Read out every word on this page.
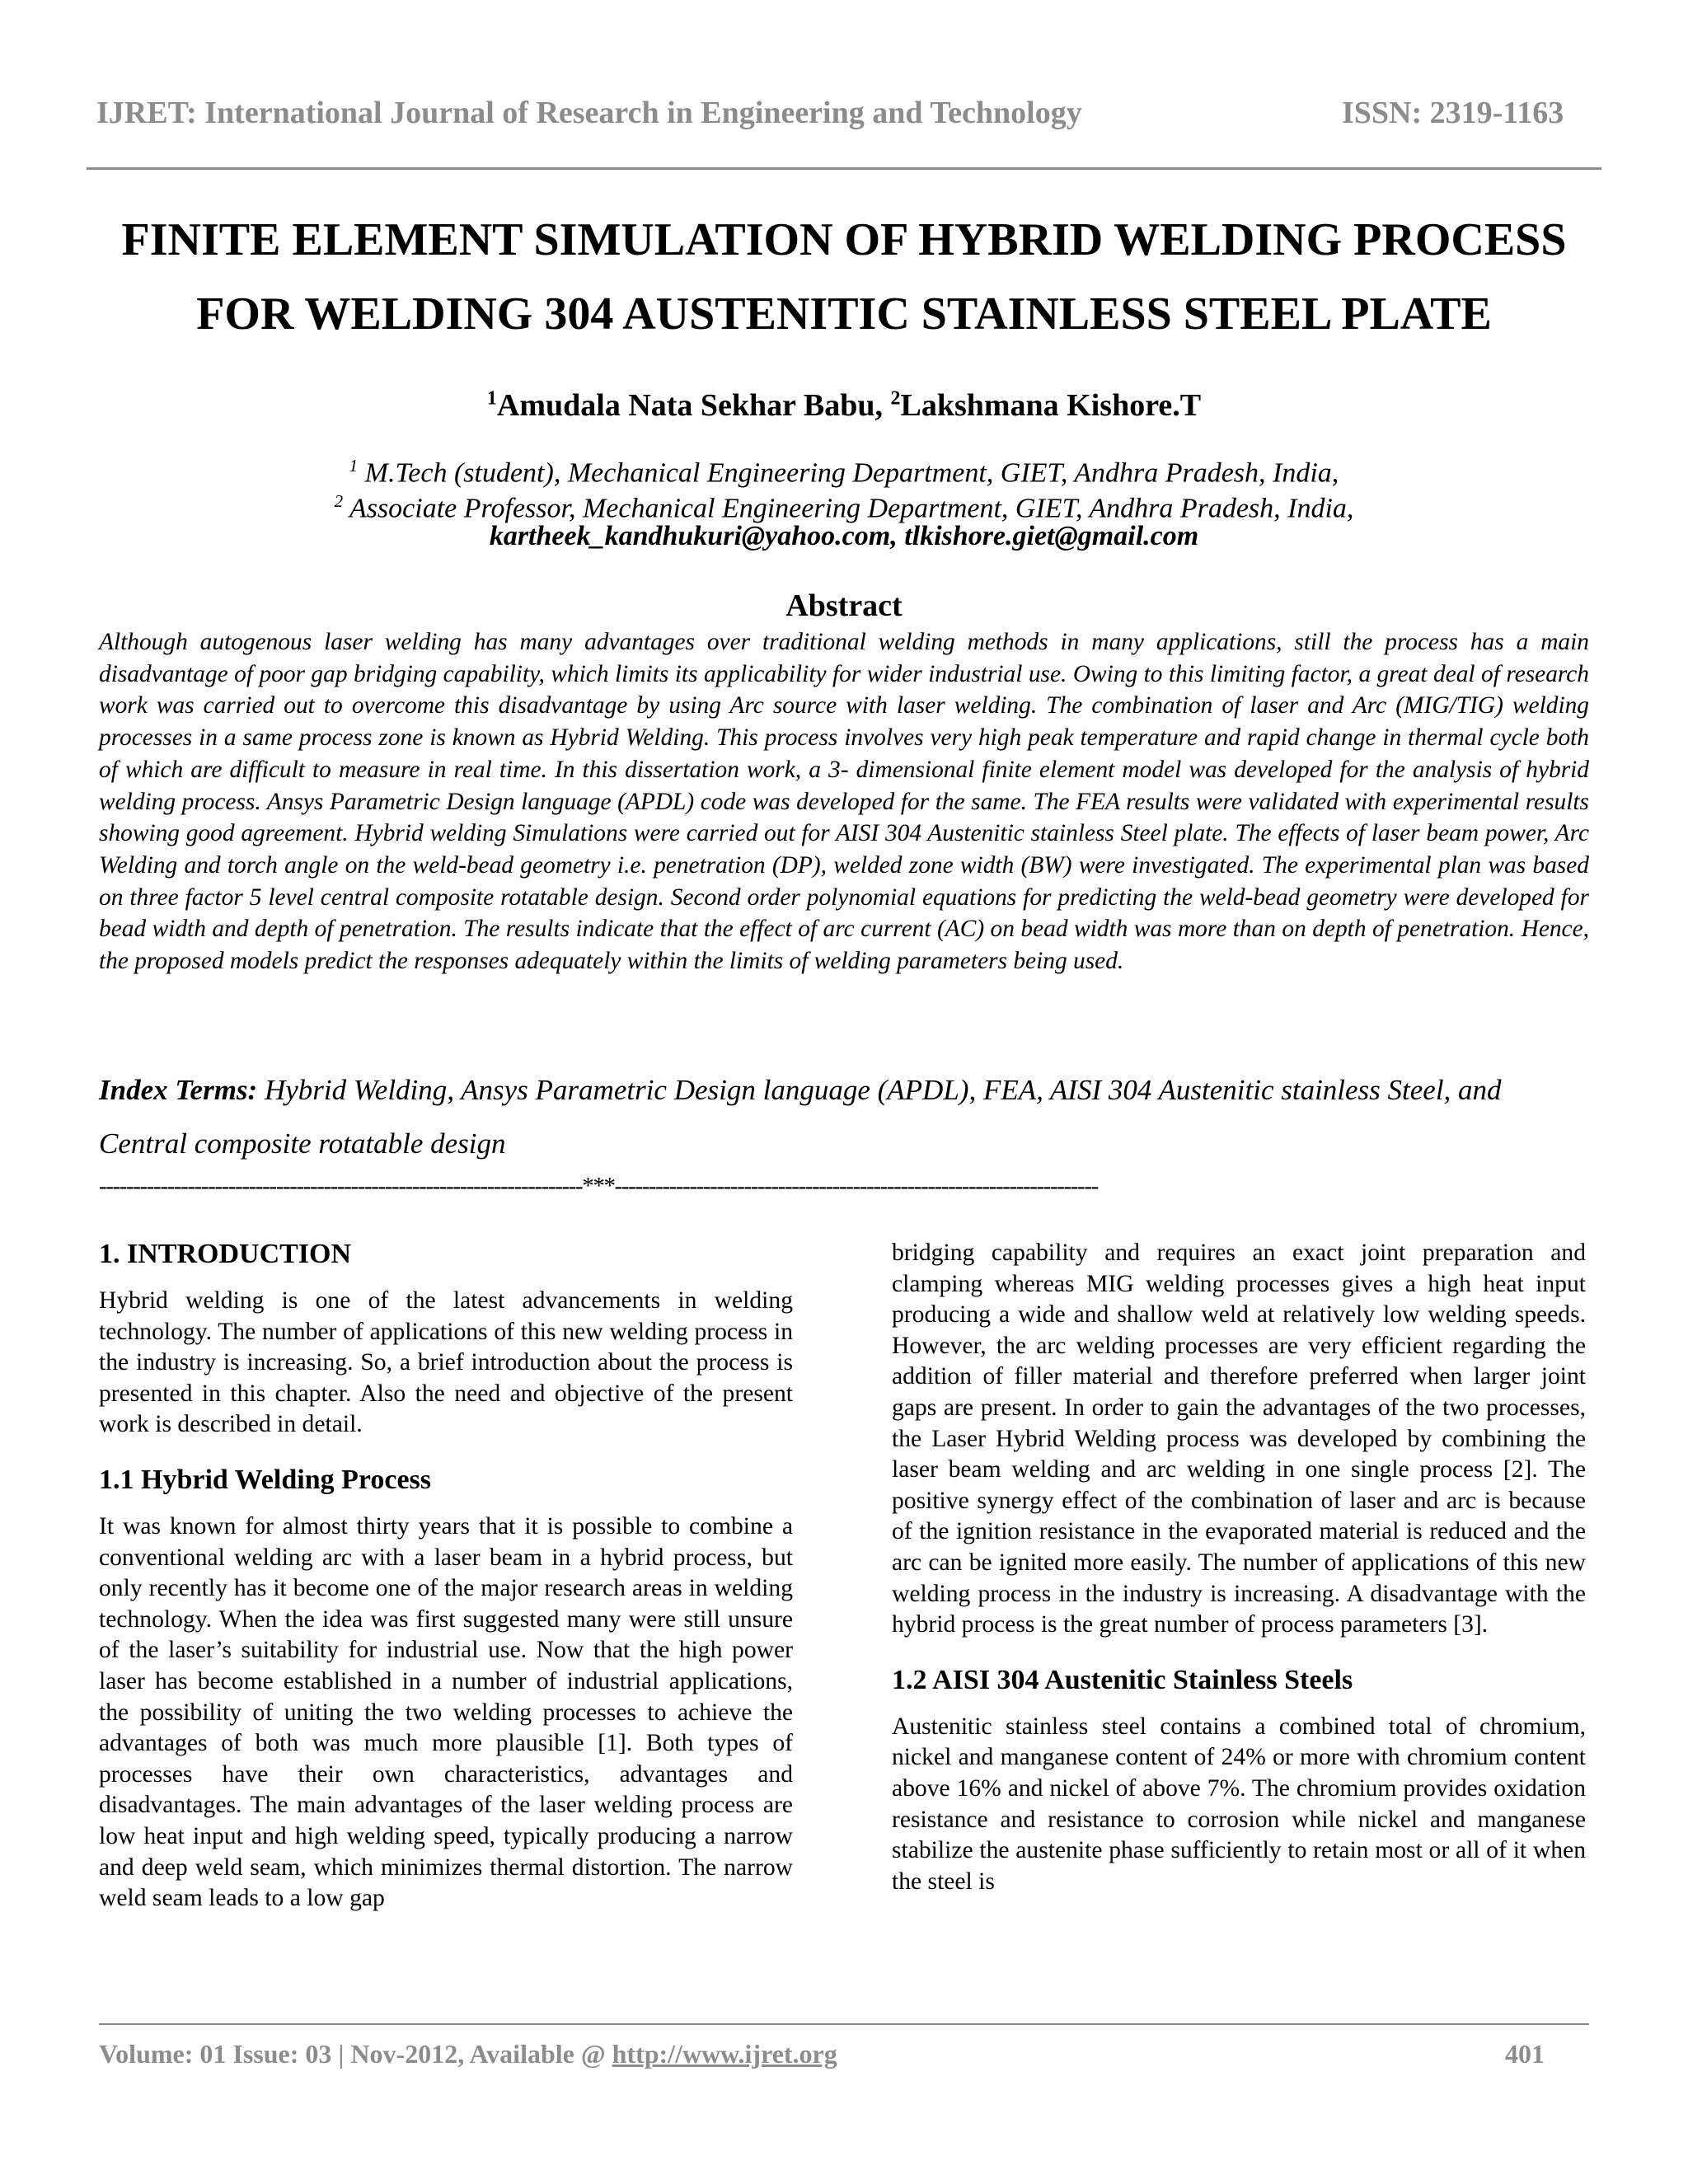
IJRET: International Journal of Research in Engineering and Technology	ISSN: 2319-1163
FINITE ELEMENT SIMULATION OF HYBRID WELDING PROCESS
FOR WELDING 304 AUSTENITIC STAINLESS STEEL PLATE
$^1$Amudala Nata Sekhar Babu, $^2$Lakshmana Kishore.T
$^1$ M.Tech (student), Mechanical Engineering Department, GIET, Andhra Pradesh, India,
$^2$ Associate Professor, Mechanical Engineering Department, GIET, Andhra Pradesh, India,
kartheek_kandhukuri@yahoo.com, tlkishore.giet@gmail.com
Abstract
Although autogenous laser welding has many advantages over traditional welding methods in many applications, still the process has a main disadvantage of poor gap bridging capability, which limits its applicability for wider industrial use. Owing to this limiting factor, a great deal of research work was carried out to overcome this disadvantage by using Arc source with laser welding. The combination of laser and Arc (MIG/TIG) welding processes in a same process zone is known as Hybrid Welding. This process involves very high peak temperature and rapid change in thermal cycle both of which are difficult to measure in real time. In this dissertation work, a 3- dimensional finite element model was developed for the analysis of hybrid welding process. Ansys Parametric Design language (APDL) code was developed for the same. The FEA results were validated with experimental results showing good agreement. Hybrid welding Simulations were carried out for AISI 304 Austenitic stainless Steel plate. The effects of laser beam power, Arc Welding and torch angle on the weld-bead geometry i.e. penetration (DP), welded zone width (BW) were investigated. The experimental plan was based on three factor 5 level central composite rotatable design. Second order polynomial equations for predicting the weld-bead geometry were developed for bead width and depth of penetration. The results indicate that the effect of arc current (AC) on bead width was more than on depth of penetration. Hence, the proposed models predict the responses adequately within the limits of welding parameters being used.
Index Terms: Hybrid Welding, Ansys Parametric Design language (APDL), FEA, AISI 304 Austenitic stainless Steel, and Central composite rotatable design
-----------------------------------------------------------------------***-----------------------------------------------------------------------
1. INTRODUCTION

Hybrid welding is one of the latest advancements in welding technology. The number of applications of this new welding process in the industry is increasing. So, a brief introduction about the process is presented in this chapter. Also the need and objective of the present work is described in detail.

1.1 Hybrid Welding Process

It was known for almost thirty years that it is possible to combine a conventional welding arc with a laser beam in a hybrid process, but only recently has it become one of the major research areas in welding technology. When the idea was first suggested many were still unsure of the laser’s suitability for industrial use. Now that the high power laser has become established in a number of industrial applications, the possibility of uniting the two welding processes to achieve the advantages of both was much more plausible [1]. Both types of processes have their own characteristics, advantages and disadvantages. The main advantages of the laser welding process are low heat input and high welding speed, typically producing a narrow and deep weld seam, which minimizes thermal distortion. The narrow weld seam leads to a low gap

bridging capability and requires an exact joint preparation and clamping whereas MIG welding processes gives a high heat input producing a wide and shallow weld at relatively low welding speeds. However, the arc welding processes are very efficient regarding the addition of filler material and therefore preferred when larger joint gaps are present. In order to gain the advantages of the two processes, the Laser Hybrid Welding process was developed by combining the laser beam welding and arc welding in one single process [2]. The positive synergy effect of the combination of laser and arc is because of the ignition resistance in the evaporated material is reduced and the arc can be ignited more easily. The number of applications of this new welding process in the industry is increasing. A disadvantage with the hybrid process is the great number of process parameters [3].

1.2 AISI 304 Austenitic Stainless Steels

Austenitic stainless steel contains a combined total of chromium, nickel and manganese content of 24% or more with chromium content above 16% and nickel of above 7%. The chromium provides oxidation resistance and resistance to corrosion while nickel and manganese stabilize the austenite phase sufficiently to retain most or all of it when the steel is

Volume: 01 Issue: 03 | Nov-2012, Available @ http://www.ijret.org	401
